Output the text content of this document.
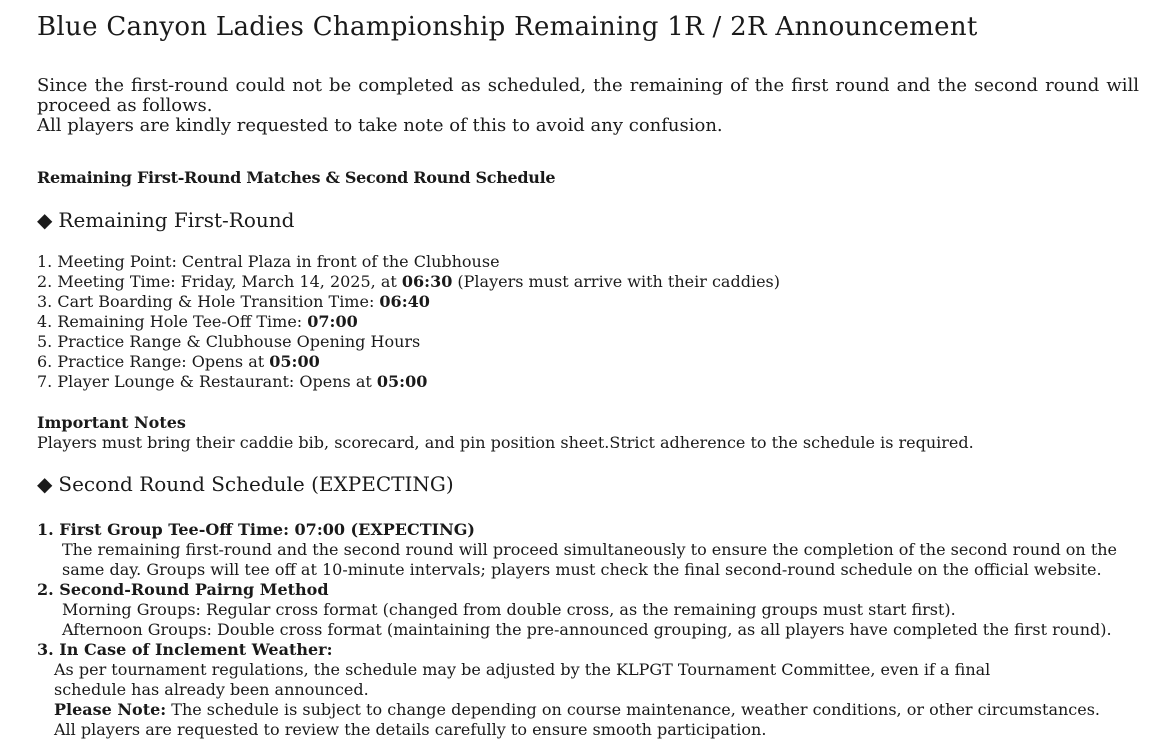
Blue Canyon Ladies Championship Remaining 1R / 2R Announcement

Since the first-round could not be completed as scheduled, the remaining of the first round and the second round will proceed as follows.

All players are kindly requested to take note of this to avoid any confusion.

Remaining First-Round Matches & Second Round Schedule
◆ Remaining First-Round
1. Meeting Point: Central Plaza in front of the Clubhouse
2. Meeting Time: Friday, March 14, 2025, at 06:30 (Players must arrive with their caddies)
3. Cart Boarding & Hole Transition Time: 06:40
4. Remaining Hole Tee-Off Time: 07:00
5. Practice Range & Clubhouse Opening Hours
6. Practice Range: Opens at 05:00
7. Player Lounge & Restaurant: Opens at 05:00
Important Notes
Players must bring their caddie bib, scorecard, and pin position sheet.Strict adherence to the schedule is required.
◆ Second Round Schedule (EXPECTING)
1. First Group Tee-Off Time: 07:00 (EXPECTING)
The remaining first-round and the second round will proceed simultaneously to ensure the completion of the second round on the
same day. Groups will tee off at 10-minute intervals; players must check the final second-round schedule on the official website.
2. Second-Round Pairng Method
Morning Groups: Regular cross format (changed from double cross, as the remaining groups must start first).
Afternoon Groups: Double cross format (maintaining the pre-announced grouping, as all players have completed the first round).
3. In Case of Inclement Weather:
As per tournament regulations, the schedule may be adjusted by the KLPGT Tournament Committee, even if a final
schedule has already been announced.
Please Note: The schedule is subject to change depending on course maintenance, weather conditions, or other circumstances.
All players are requested to review the details carefully to ensure smooth participation.
